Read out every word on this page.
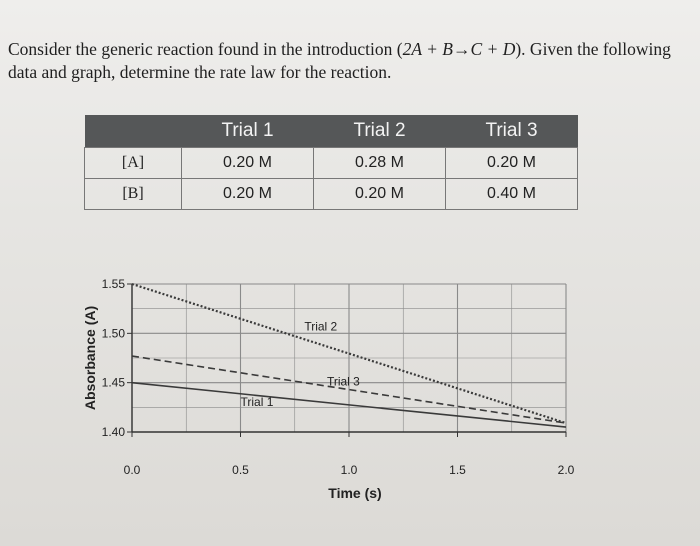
Consider the generic reaction found in the introduction (2A + B→C + D). Given the following data and graph, determine the rate law for the reaction.

	Trial 1	Trial 2	Trial 3
[A]	0.20 M	0.28 M	0.20 M
[B]	0.20 M	0.20 M	0.40 M
0.0	0.5	1.0	1.5	2.0
1.55
1.50
1.45
1.40
Time (s)
Absorbance (A)	Trial 1
Trial 2
Trial 3
